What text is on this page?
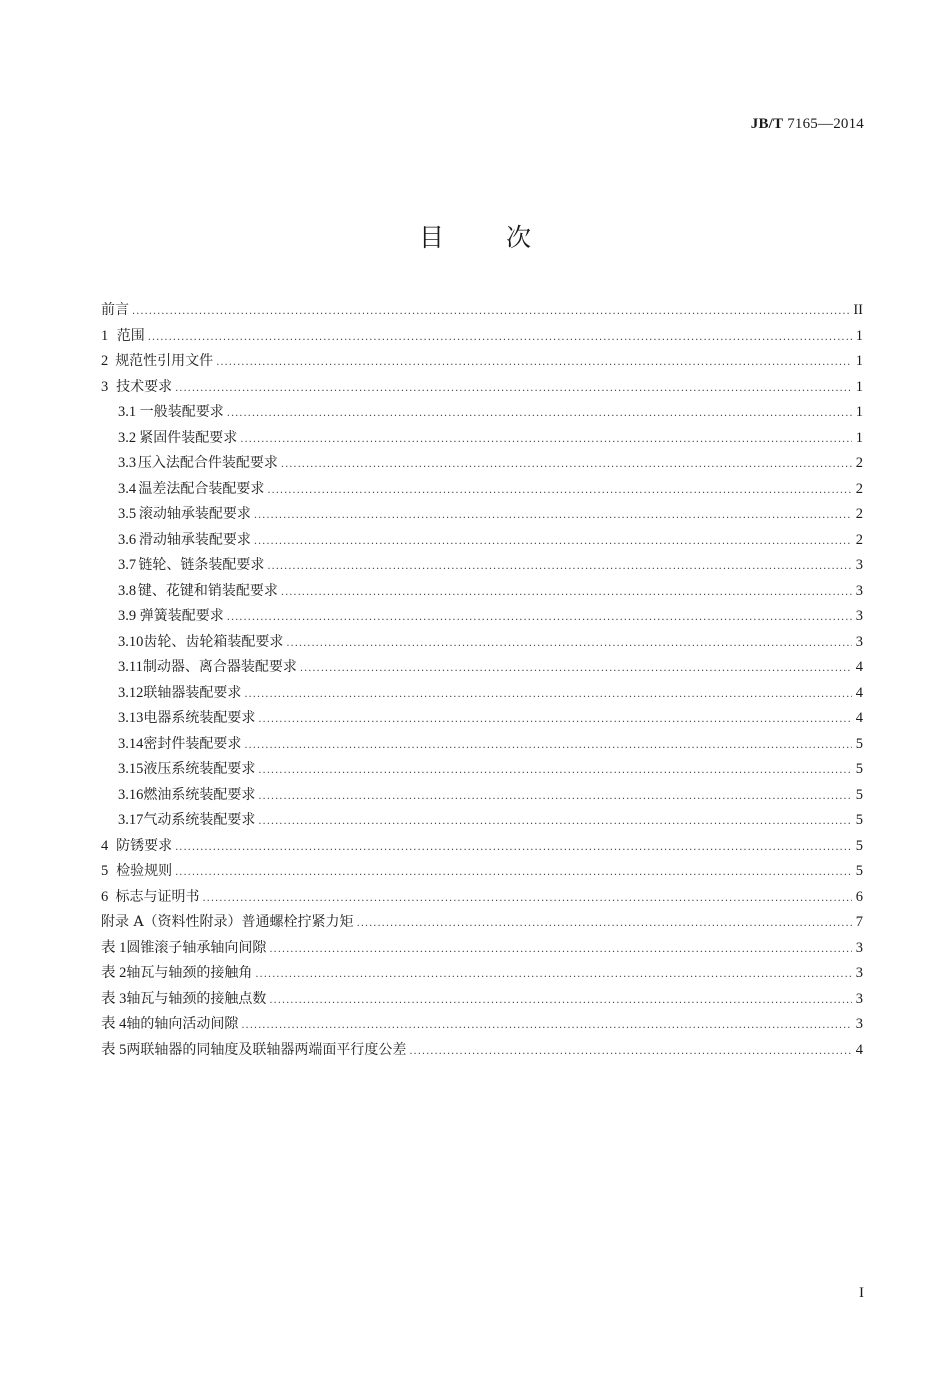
JB/T 7165—2014
目 次
前言 .....	II
1 范围 .....	1
2 规范性引用文件 .....	1
3 技术要求 .....	1
3.1 一般装配要求 .....	1
3.2 紧固件装配要求 .....	1
3.3 压入法配合件装配要求 .....	2
3.4 温差法配合装配要求 .....	2
3.5 滚动轴承装配要求 .....	2
3.6 滑动轴承装配要求 .....	2
3.7 链轮、链条装配要求 .....	3
3.8 键、花键和销装配要求 .....	3
3.9 弹簧装配要求 .....	3
3.10 齿轮、齿轮箱装配要求 .....	3
3.11 制动器、离合器装配要求 .....	4
3.12 联轴器装配要求 .....	4
3.13 电器系统装配要求 .....	4
3.14 密封件装配要求 .....	5
3.15 液压系统装配要求 .....	5
3.16 燃油系统装配要求 .....	5
3.17 气动系统装配要求 .....	5
4 防锈要求 .....	5
5 检验规则 .....	5
6 标志与证明书 .....	6
附录 A（资料性附录）普通螺栓拧紧力矩 .....	7
表 1 圆锥滚子轴承轴向间隙 .....	3
表 2 轴瓦与轴颈的接触角 .....	3
表 3 轴瓦与轴颈的接触点数 .....	3
表 4 轴的轴向活动间隙 .....	3
表 5 两联轴器的同轴度及联轴器两端面平行度公差 .....	4
I
